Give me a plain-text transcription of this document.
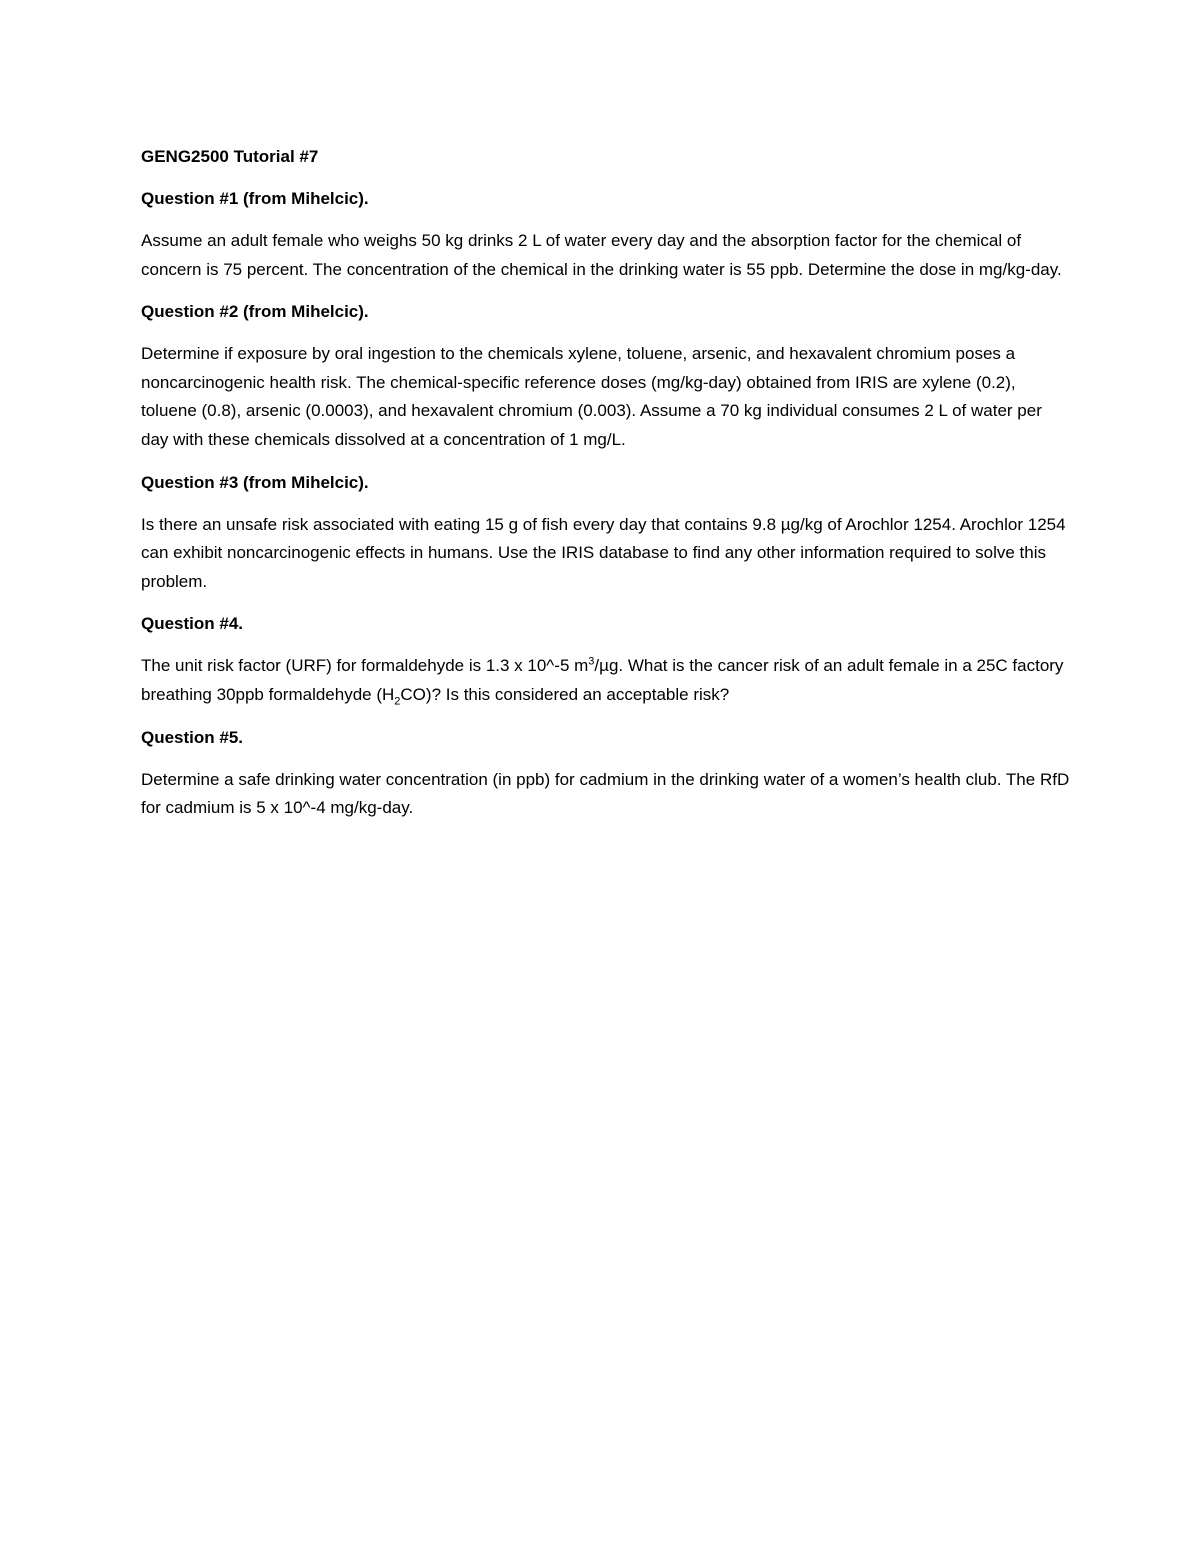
GENG2500 Tutorial #7

Question #1 (from Mihelcic).

Assume an adult female who weighs 50 kg drinks 2 L of water every day and the absorption factor for the chemical of concern is 75 percent. The concentration of the chemical in the drinking water is 55 ppb. Determine the dose in mg/kg-day.

Question #2 (from Mihelcic).

Determine if exposure by oral ingestion to the chemicals xylene, toluene, arsenic, and hexavalent chromium poses a noncarcinogenic health risk. The chemical-specific reference doses (mg/kg-day) obtained from IRIS are xylene (0.2), toluene (0.8), arsenic (0.0003), and hexavalent chromium (0.003). Assume a 70 kg individual consumes 2 L of water per day with these chemicals dissolved at a concentration of 1 mg/L.

Question #3 (from Mihelcic).

Is there an unsafe risk associated with eating 15 g of fish every day that contains 9.8 µg/kg of Arochlor 1254. Arochlor 1254 can exhibit noncarcinogenic effects in humans. Use the IRIS database to find any other information required to solve this problem.

Question #4.

The unit risk factor (URF) for formaldehyde is 1.3 x 10^-5 $m^3/\mu g$. What is the cancer risk of an adult female in a 25C factory breathing 30ppb formaldehyde $(H_2CO)$? Is this considered an acceptable risk?

Question #5.

Determine a safe drinking water concentration (in ppb) for cadmium in the drinking water of a women’s health club. The RfD for cadmium is 5 x 10^-4 mg/kg-day.
